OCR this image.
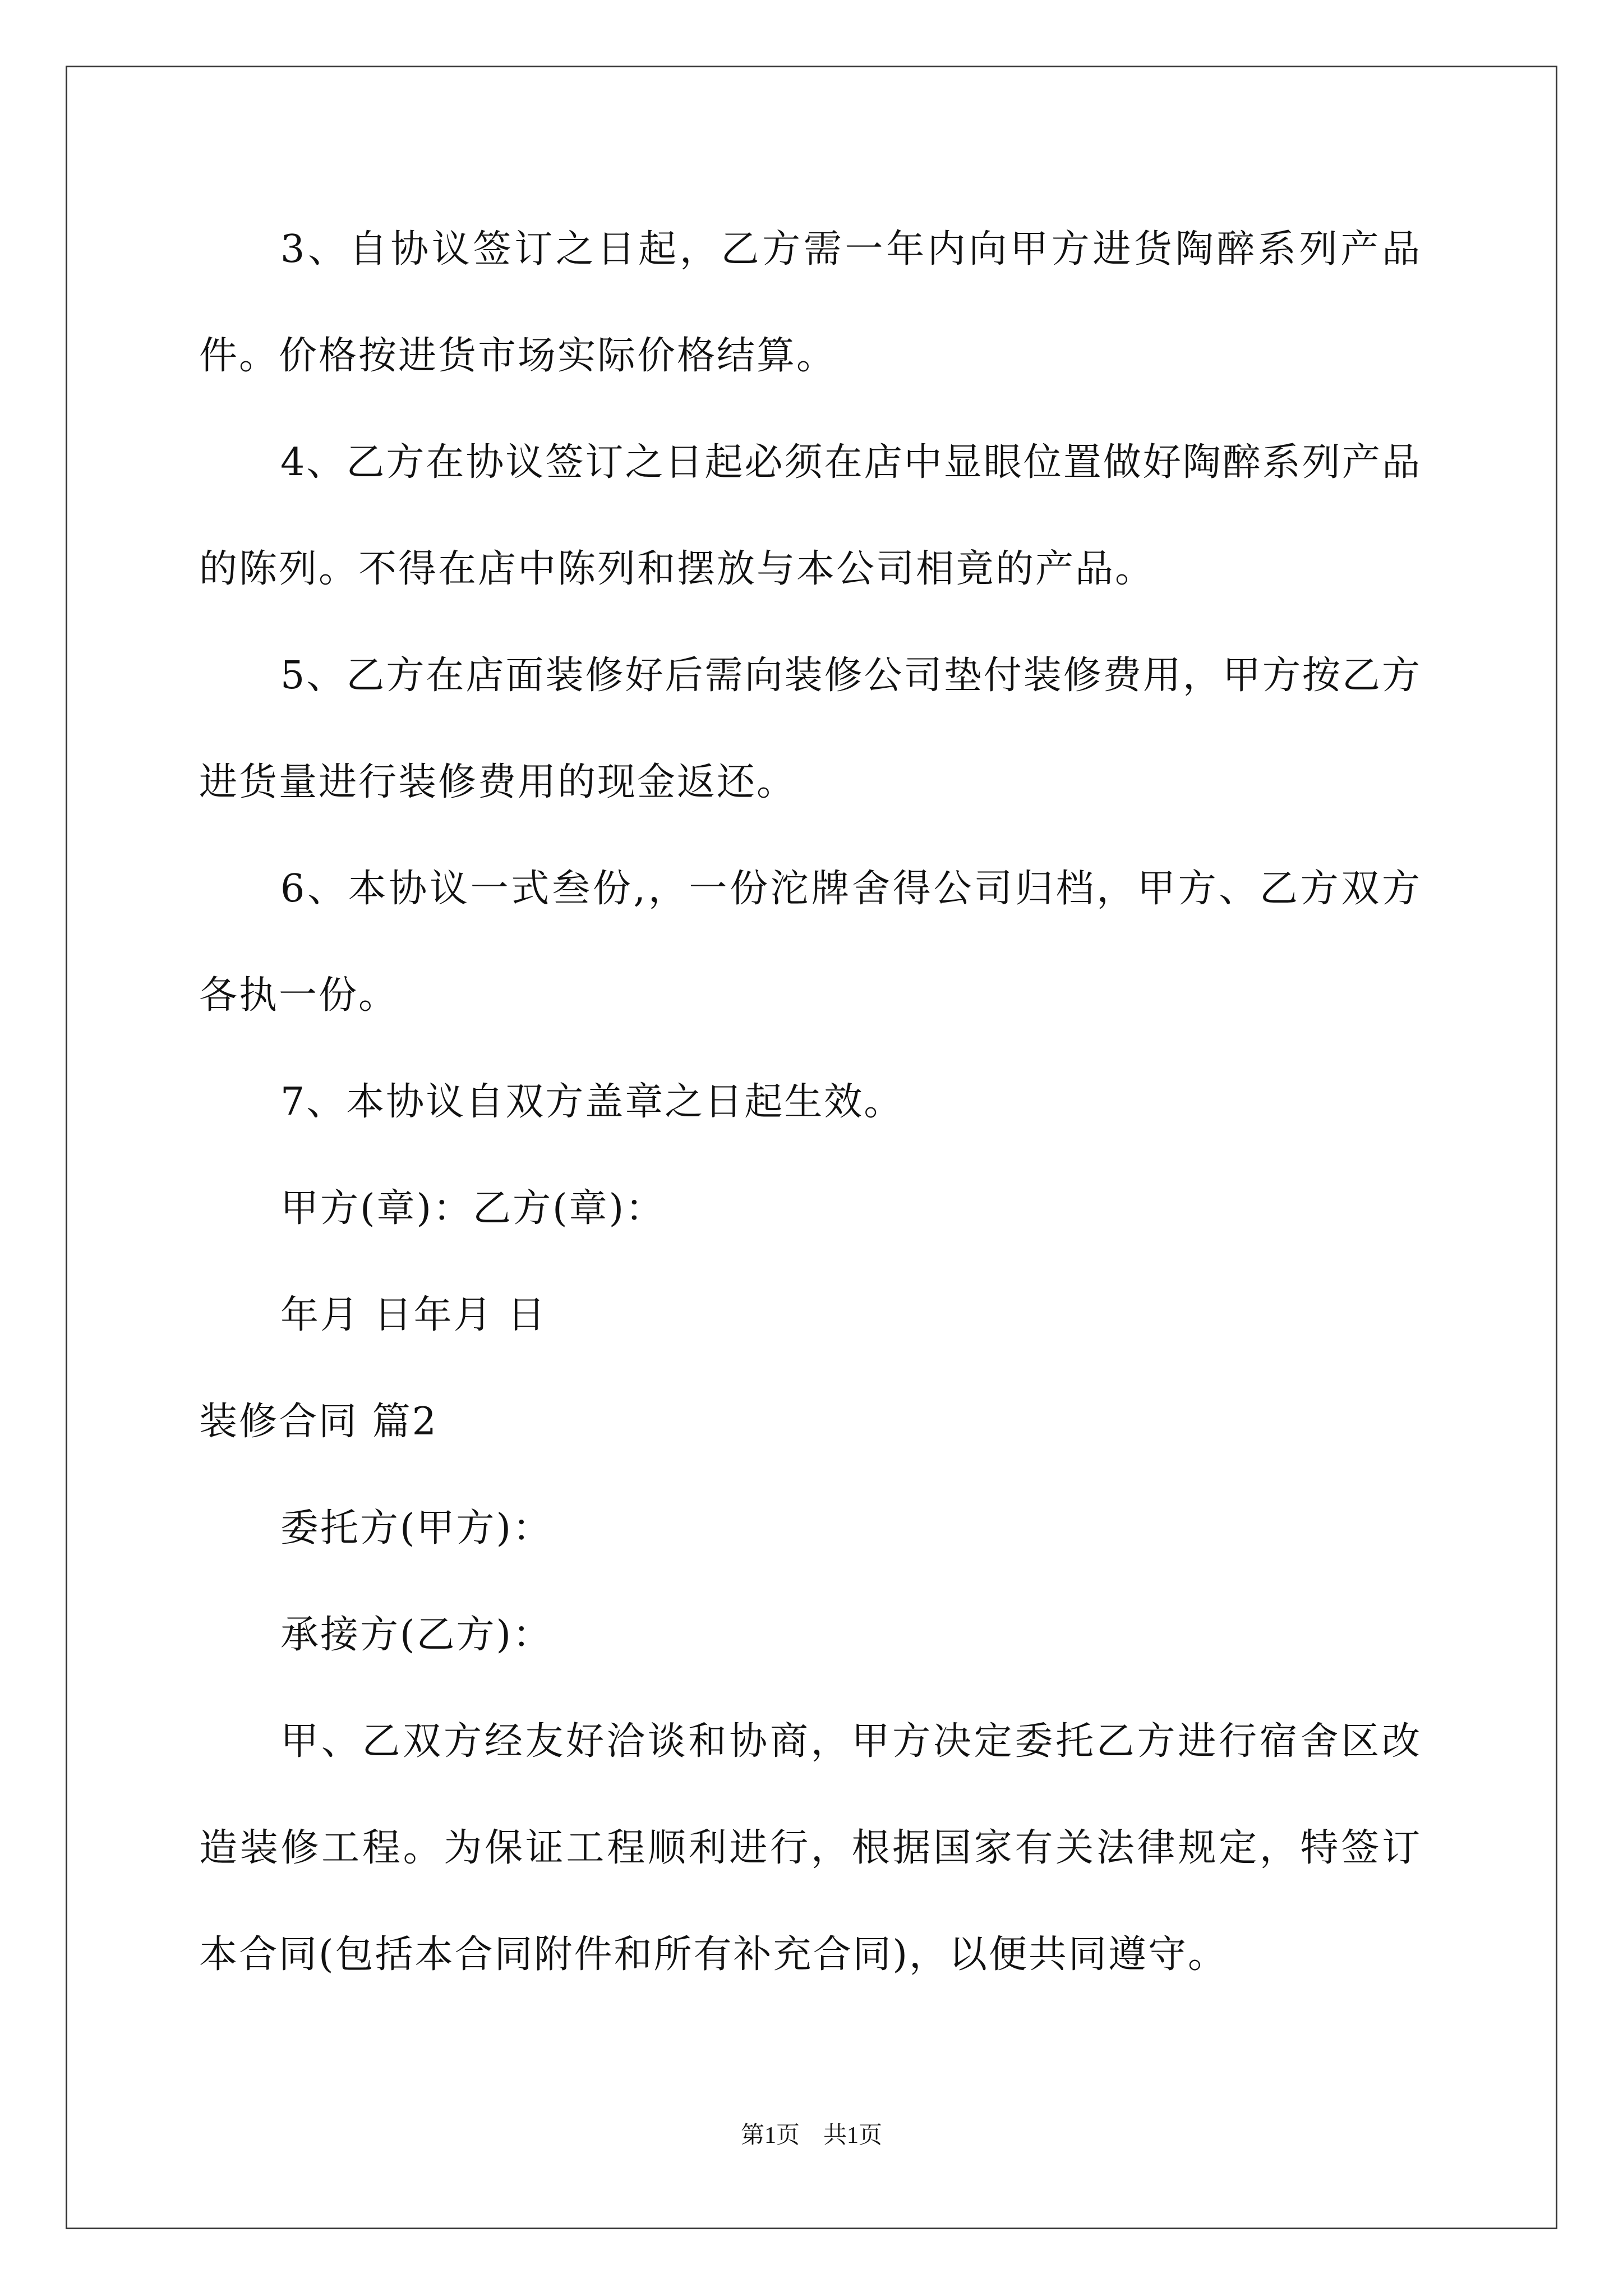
3、自协议签订之日起，乙方需一年内向甲方进货陶醉系列产品
件。价格按进货市场实际价格结算。
4、乙方在协议签订之日起必须在店中显眼位置做好陶醉系列产品
的陈列。不得在店中陈列和摆放与本公司相竟的产品。
5、乙方在店面装修好后需向装修公司垫付装修费用，甲方按乙方
进货量进行装修费用的现金返还。
6、本协议一式叁份,，一份沱牌舍得公司归档，甲方、乙方双方
各执一份。
7、本协议自双方盖章之日起生效。
甲方(章)：乙方(章)：
年月 日年月 日
装修合同 篇2
委托方(甲方)：
承接方(乙方)：
甲、乙双方经友好洽谈和协商，甲方决定委托乙方进行宿舍区改
造装修工程。为保证工程顺利进行，根据国家有关法律规定，特签订
本合同(包括本合同附件和所有补充合同)，以便共同遵守。
第1页　共1页
